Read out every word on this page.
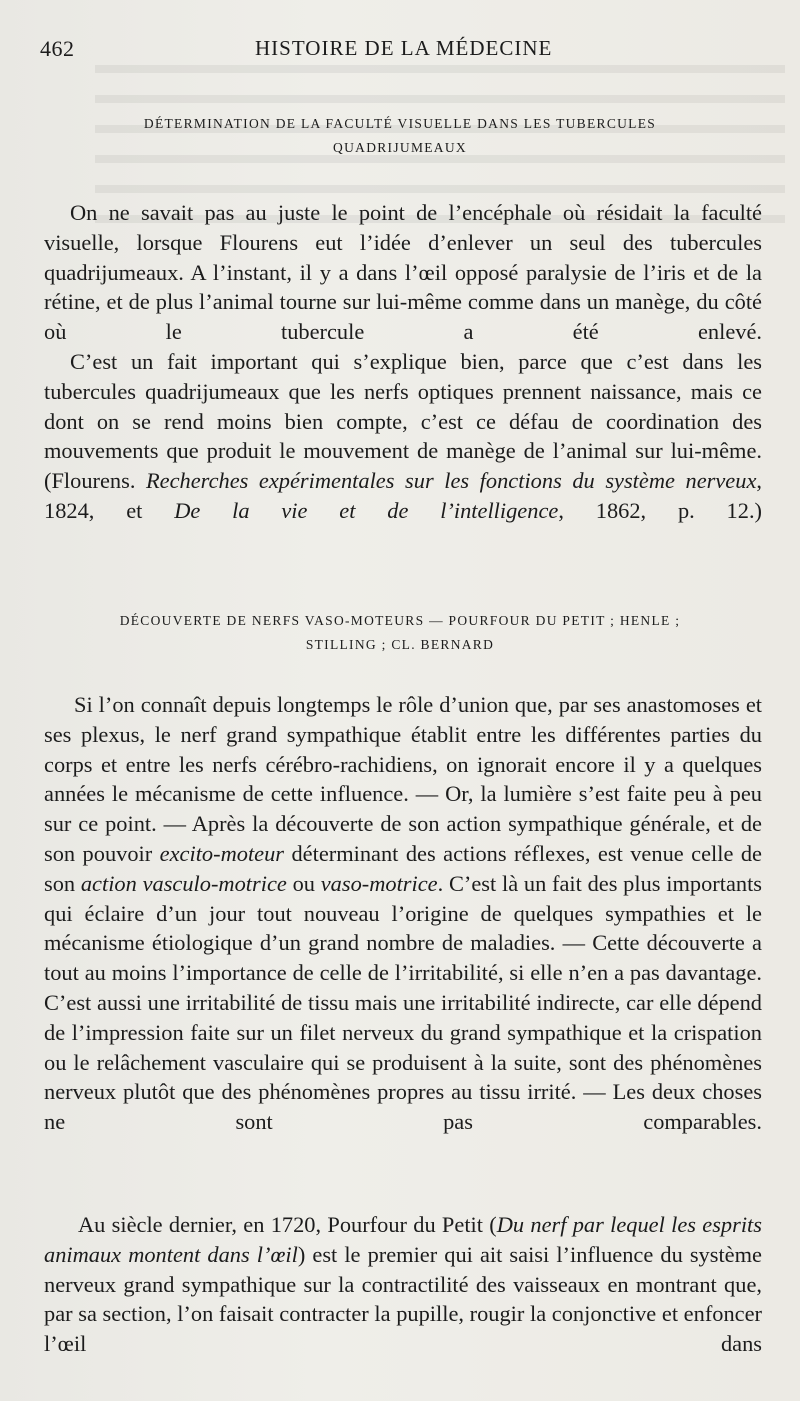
462	HISTOIRE DE LA MÉDECINE
DÉTERMINATION DE LA FACULTÉ VISUELLE DANS LES TUBERCULES
QUADRIJUMEAUX

On ne savait pas au juste le point de l’encéphale où résidait la faculté visuelle, lorsque Flourens eut l’idée d’enlever un seul des tubercules quadrijumeaux. A l’instant, il y a dans l’œil opposé paralysie de l’iris et de la rétine, et de plus l’animal tourne sur lui-même comme dans un manège, du côté où le tubercule a été enlevé.

C’est un fait important qui s’explique bien, parce que c’est dans les tubercules quadrijumeaux que les nerfs optiques prennent naissance, mais ce dont on se rend moins bien compte, c’est ce défau de coordination des mouvements que produit le mouvement de manège de l’animal sur lui-même. (Flourens. Recherches expérimentales sur les fonctions du système nerveux, 1824, et De la vie et de l’intelligence, 1862, p. 12.)

DÉCOUVERTE DE NERFS VASO-MOTEURS — POURFOUR DU PETIT ; HENLE ;
STILLING ; CL. BERNARD

Si l’on connaît depuis longtemps le rôle d’union que, par ses anastomoses et ses plexus, le nerf grand sympathique établit entre les différentes parties du corps et entre les nerfs cérébro-rachidiens, on ignorait encore il y a quelques années le mécanisme de cette influence. — Or, la lumière s’est faite peu à peu sur ce point. — Après la découverte de son action sympathique générale, et de son pouvoir excito-moteur déterminant des actions réflexes, est venue celle de son action vasculo-motrice ou vaso-motrice. C’est là un fait des plus importants qui éclaire d’un jour tout nouveau l’origine de quelques sympathies et le mécanisme étiologique d’un grand nombre de maladies. — Cette découverte a tout au moins l’importance de celle de l’irritabilité, si elle n’en a pas davantage. C’est aussi une irritabilité de tissu mais une irritabilité indirecte, car elle dépend de l’impression faite sur un filet nerveux du grand sympathique et la crispation ou le relâchement vasculaire qui se produisent à la suite, sont des phénomènes nerveux plutôt que des phénomènes propres au tissu irrité. — Les deux choses ne sont pas comparables.

Au siècle dernier, en 1720, Pourfour du Petit (Du nerf par lequel les esprits animaux montent dans l’œil) est le premier qui ait saisi l’influence du système nerveux grand sympathique sur la contractilité des vaisseaux en montrant que, par sa section, l’on faisait contracter la pupille, rougir la conjonctive et enfoncer l’œil dans
